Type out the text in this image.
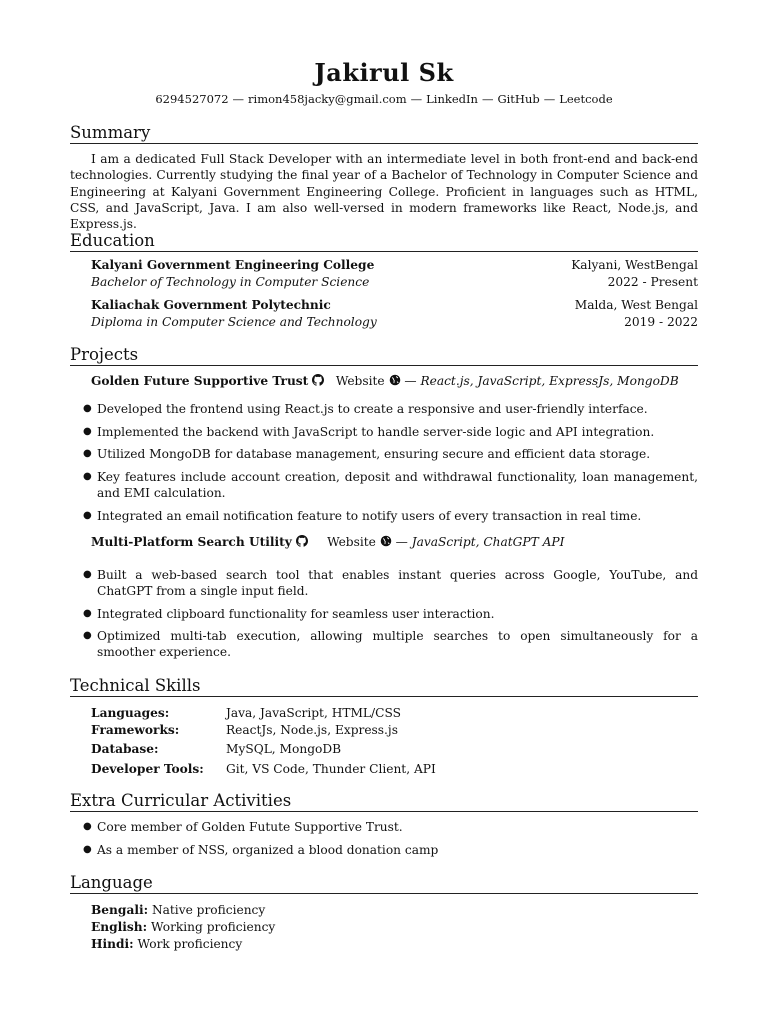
Jakirul Sk
6294527072 — rimon458jacky@gmail.com — LinkedIn — GitHub — Leetcode
Summary
I am a dedicated Full Stack Developer with an intermediate level in both front-end and back-end technologies. Currently studying the final year of a Bachelor of Technology in Computer Science and Engineering at Kalyani Government Engineering College. Proficient in languages such as HTML, CSS, and JavaScript, Java. I am also well-versed in modern frameworks like React, Node.js, and Express.js.
Education
Kalyani Government Engineering College	Kalyani, WestBengal
Bachelor of Technology in Computer Science	2022 - Present
Kaliachak Government Polytechnic	Malda, West Bengal
Diploma in Computer Science and Technology	2019 - 2022
Projects
Golden Future Supportive Trust Website — React.js, JavaScript, ExpressJs, MongoDB
● Developed the frontend using React.js to create a responsive and user-friendly interface.
● Implemented the backend with JavaScript to handle server-side logic and API integration.
● Utilized MongoDB for database management, ensuring secure and efficient data storage.
● Key features include account creation, deposit and withdrawal functionality, loan management, and EMI calculation.
● Integrated an email notification feature to notify users of every transaction in real time.
Multi-Platform Search Utility	Website — JavaScript, ChatGPT API
● Built a web-based search tool that enables instant queries across Google, YouTube, and ChatGPT from a single input field.
● Integrated clipboard functionality for seamless user interaction.
● Optimized multi-tab execution, allowing multiple searches to open simultaneously for a smoother experience.
Technical Skills
Languages:	Java, JavaScript, HTML/CSS
Frameworks:	ReactJs, Node.js, Express.js
Database:	MySQL, MongoDB
Developer Tools: Git, VS Code, Thunder Client, API
Extra Curricular Activities
● Core member of Golden Futute Supportive Trust.
● As a member of NSS, organized a blood donation camp
Language
Bengali: Native proficiency
English: Working proficiency
Hindi: Work proficiency
